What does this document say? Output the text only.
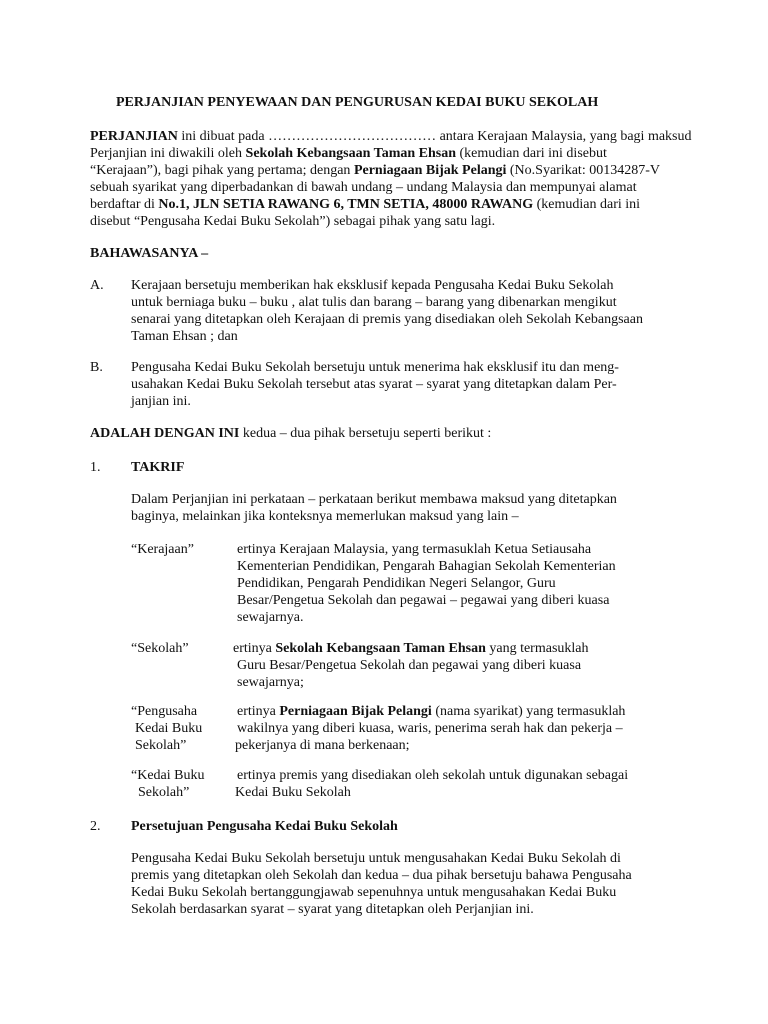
PERJANJIAN PENYEWAAN DAN PENGURUSAN KEDAI BUKU SEKOLAH
PERJANJIAN ini dibuat pada ……………………………… antara Kerajaan Malaysia, yang bagi maksud
Perjanjian ini diwakili oleh Sekolah Kebangsaan Taman Ehsan (kemudian dari ini disebut
“Kerajaan”), bagi pihak yang pertama; dengan Perniagaan Bijak Pelangi (No.Syarikat: 00134287-V
sebuah syarikat yang diperbadankan di bawah undang – undang Malaysia dan mempunyai alamat
berdaftar di No.1, JLN SETIA RAWANG 6, TMN SETIA, 48000 RAWANG (kemudian dari ini
disebut “Pengusaha Kedai Buku Sekolah”) sebagai pihak yang satu lagi.
BAHAWASANYA –
A. Kerajaan bersetuju memberikan hak eksklusif kepada Pengusaha Kedai Buku Sekolah
untuk berniaga buku – buku , alat tulis dan barang – barang yang dibenarkan mengikut
senarai yang ditetapkan oleh Kerajaan di premis yang disediakan oleh Sekolah Kebangsaan
Taman Ehsan ; dan
B. Pengusaha Kedai Buku Sekolah bersetuju untuk menerima hak eksklusif itu dan meng-
usahakan Kedai Buku Sekolah tersebut atas syarat – syarat yang ditetapkan dalam Per-
janjian ini.
ADALAH DENGAN INI kedua – dua pihak bersetuju seperti berikut :
1. TAKRIF
Dalam Perjanjian ini perkataan – perkataan berikut membawa maksud yang ditetapkan
baginya, melainkan jika konteksnya memerlukan maksud yang lain –
“Kerajaan”	ertinya Kerajaan Malaysia, yang termasuklah Ketua Setiausaha
Kementerian Pendidikan, Pengarah Bahagian Sekolah Kementerian
Pendidikan, Pengarah Pendidikan Negeri Selangor, Guru
Besar/Pengetua Sekolah dan pegawai – pegawai yang diberi kuasa
sewajarnya.
“Sekolah”	ertinya Sekolah Kebangsaan Taman Ehsan yang termasuklah
Guru Besar/Pengetua Sekolah dan pegawai yang diberi kuasa
sewajarnya;
“Pengusaha
Kedai Buku
Sekolah”
ertinya Perniagaan Bijak Pelangi (nama syarikat) yang termasuklah
wakilnya yang diberi kuasa, waris, penerima serah hak dan pekerja –
pekerjanya di mana berkenaan;
“Kedai Buku
Sekolah”
ertinya premis yang disediakan oleh sekolah untuk digunakan sebagai
Kedai Buku Sekolah
2. Persetujuan Pengusaha Kedai Buku Sekolah
Pengusaha Kedai Buku Sekolah bersetuju untuk mengusahakan Kedai Buku Sekolah di
premis yang ditetapkan oleh Sekolah dan kedua – dua pihak bersetuju bahawa Pengusaha
Kedai Buku Sekolah bertanggungjawab sepenuhnya untuk mengusahakan Kedai Buku
Sekolah berdasarkan syarat – syarat yang ditetapkan oleh Perjanjian ini.
